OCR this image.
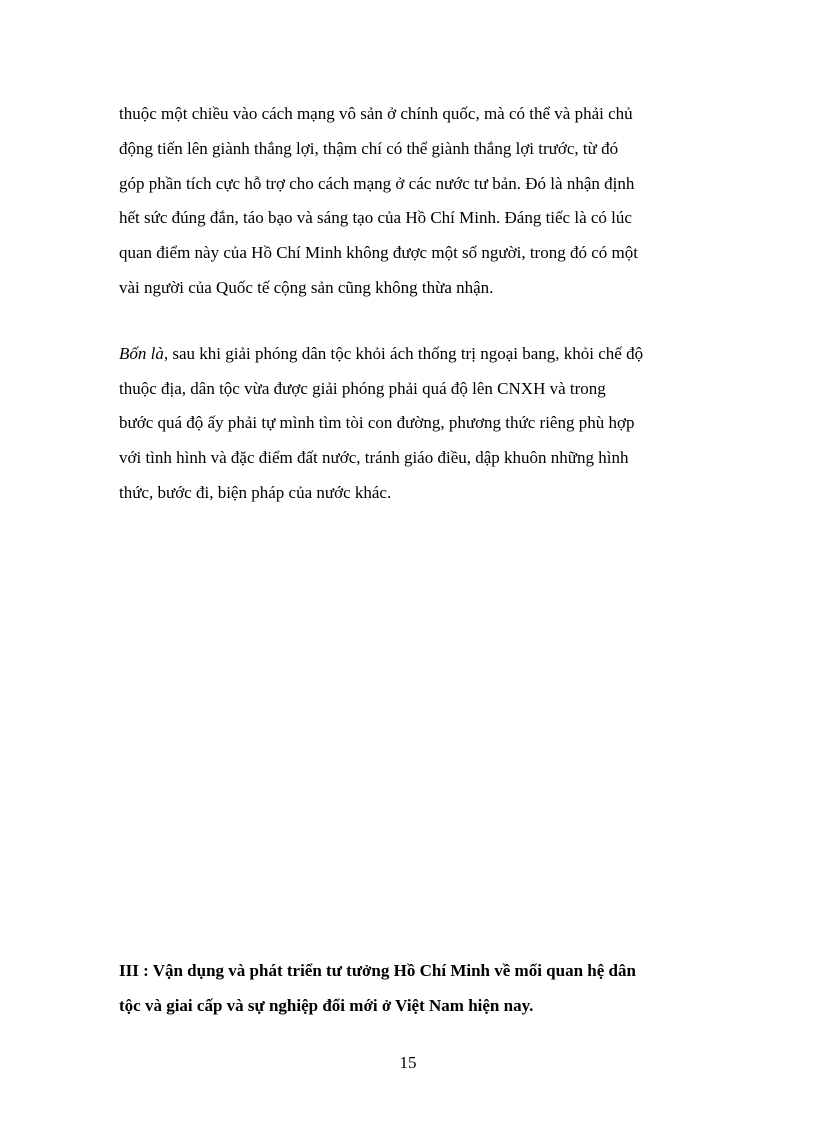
thuộc một chiều vào cách mạng vô sản ở chính quốc, mà có thể và phải chủ

động tiến lên giành thắng lợi, thậm chí có thể giành thắng lợi trước, từ đó

góp phần tích cực hỗ trợ cho cách mạng ở các nước tư bản. Đó là nhận định

hết sức đúng đắn, táo bạo và sáng tạo của Hồ Chí Minh. Đáng tiếc là có lúc

quan điểm này của Hồ Chí Minh không được một số người, trong đó có một

vài người của Quốc tế cộng sản cũng không thừa nhận.

Bốn là, sau khi giải phóng dân tộc khỏi ách thống trị ngoại bang, khỏi chế độ

thuộc địa, dân tộc vừa được giải phóng phải quá độ lên CNXH và trong

bước quá độ ấy phải tự mình tìm tòi con đường, phương thức riêng phù hợp

với tình hình và đặc điểm đất nước, tránh giáo điều, dập khuôn những hình

thức, bước đi, biện pháp của nước khác.

III : Vận dụng và phát triển tư tưởng Hồ Chí Minh về mối quan hệ dân

tộc và giai cấp và sự nghiệp đổi mới ở Việt Nam hiện nay.

15
